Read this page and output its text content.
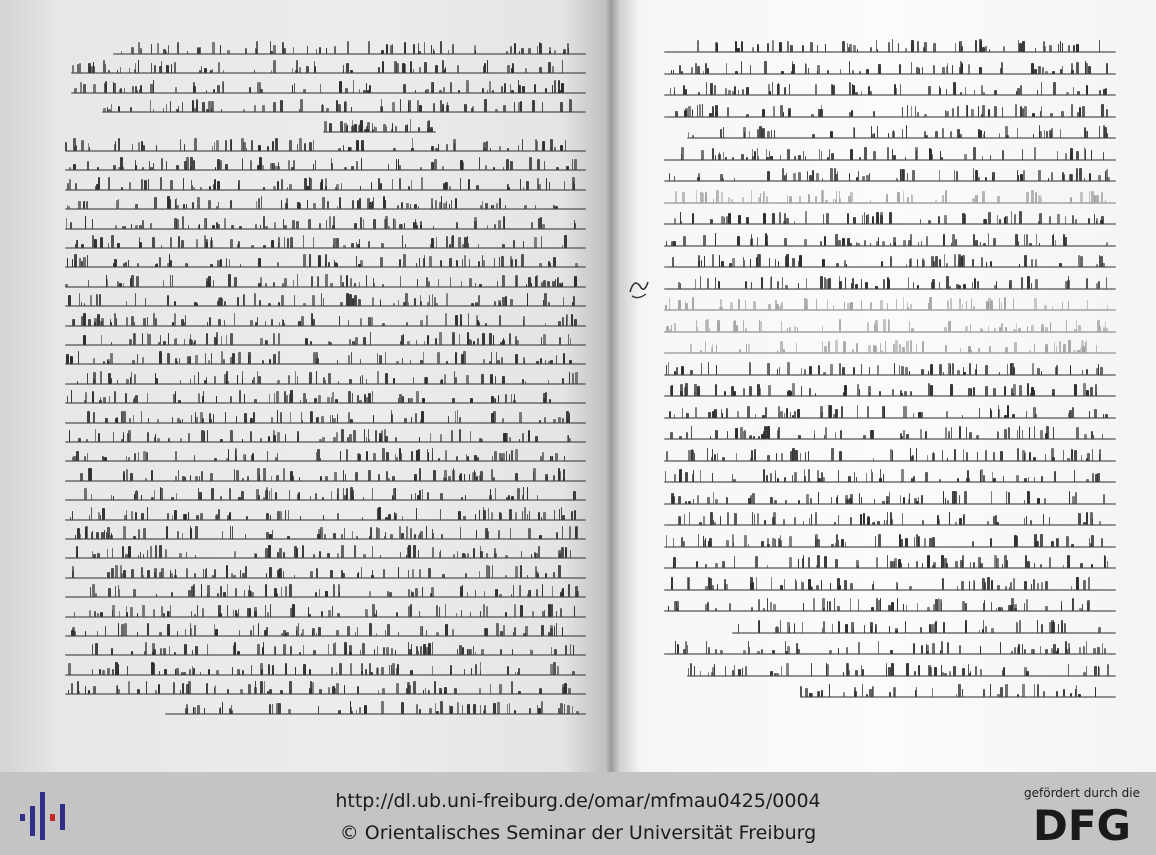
http://dl.ub.uni-freiburg.de/omar/mfmau0425/0004
© Orientalisches Seminar der Universität Freiburg
gefördert durch die
DFG
